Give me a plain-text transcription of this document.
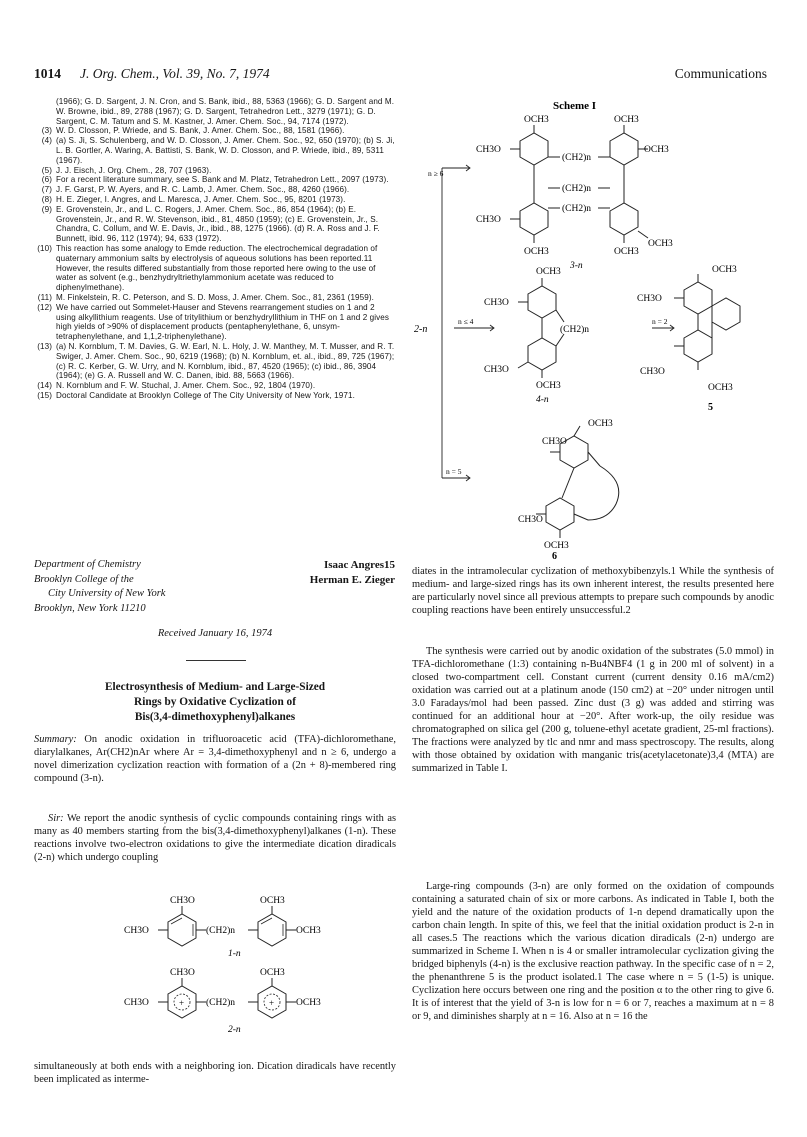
1014 J. Org. Chem., Vol. 39, No. 7, 1974	Communications
(1966); G. D. Sargent, J. N. Cron, and S. Bank, ibid., 88, 5363 (1966); G. D. Sargent and M. W. Browne, ibid., 89, 2788 (1967); G. D. Sargent, Tetrahedron Lett., 3279 (1971); G. D. Sargent, C. M. Tatum and S. M. Kastner, J. Amer. Chem. Soc., 94, 7174 (1972).
(3) W. D. Closson, P. Wriede, and S. Bank, J. Amer. Chem. Soc., 88, 1581 (1966).
(4) (a) S. Ji, S. Schulenberg, and W. D. Closson, J. Amer. Chem. Soc., 92, 650 (1970); (b) S. Ji, L. B. Gortler, A. Waring, A. Battisti, S. Bank, W. D. Closson, and P. Wriede, ibid., 89, 5311 (1967).
(5) J. J. Eisch, J. Org. Chem., 28, 707 (1963).
(6) For a recent literature summary, see S. Bank and M. Platz, Tetrahedron Lett., 2097 (1973).
(7) J. F. Garst, P. W. Ayers, and R. C. Lamb, J. Amer. Chem. Soc., 88, 4260 (1966).
(8) H. E. Zieger, I. Angres, and L. Maresca, J. Amer. Chem. Soc., 95, 8201 (1973).
(9) E. Grovenstein, Jr., and L. C. Rogers, J. Amer. Chem. Soc., 86, 854 (1964); (b) E. Grovenstein, Jr., and R. W. Stevenson, ibid., 81, 4850 (1959); (c) E. Grovenstein, Jr., S. Chandra, C. Collum, and W. E. Davis, Jr., ibid., 88, 1275 (1966). (d) R. A. Ross and J. F. Bunnett, ibid. 96, 112 (1974); 94, 633 (1972).
(10) This reaction has some analogy to Emde reduction. The electrochemical degradation of quaternary ammonium salts by electrolysis of aqueous solutions has been reported.11 However, the results differed substantially from those reported here owing to the use of water as solvent (e.g., benzhydryltriethylammonium acetate was reduced to diphenylmethane).
(11) M. Finkelstein, R. C. Peterson, and S. D. Moss, J. Amer. Chem. Soc., 81, 2361 (1959).
(12) We have carried out Sommelet-Hauser and Stevens rearrangement studies on 1 and 2 using alkyllithium reagents. Use of tritylithium or benzhydryllithium in THF on 1 and 2 gives high yields of >90% of displacement products (pentaphenylethane, 6, unsym-tetraphenylethane, and 1,1,2-triphenylethane).
(13) (a) N. Kornblum, T. M. Davies, G. W. Earl, N. L. Holy, J. W. Manthey, M. T. Musser, and R. T. Swiger, J. Amer. Chem. Soc., 90, 6219 (1968); (b) N. Kornblum, et. al., ibid., 89, 725 (1967); (c) R. C. Kerber, G. W. Urry, and N. Kornblum, ibid., 87, 4520 (1965); (c) ibid., 86, 3904 (1964); (e) G. A. Russell and W. C. Danen, ibid. 88, 5663 (1966).
(14) N. Kornblum and F. W. Stuchal, J. Amer. Chem. Soc., 92, 1804 (1970).
(15) Doctoral Candidate at Brooklyn College of The City University of New York, 1971.
Department of Chemistry
Brooklyn College of the
City University of New York
Brooklyn, New York 11210
Isaac Angres15
Herman E. Zieger
Received January 16, 1974
Electrosynthesis of Medium- and Large-Sized
Rings by Oxidative Cyclization of
Bis(3,4-dimethoxyphenyl)alkanes
Summary: On anodic oxidation in trifluoroacetic acid (TFA)-dichloromethane, diarylalkanes, Ar(CH2)nAr where Ar = 3,4-dimethoxyphenyl and n ≥ 6, undergo a novel dimerization cyclization reaction with formation of a (2n + 8)-membered ring compound (3-n).
Sir: We report the anodic synthesis of cyclic compounds containing rings with as many as 40 members starting from the bis(3,4-dimethoxyphenyl)alkanes (1-n). These reactions involve two-electron oxidations to give the intermediate dication diradicals (2-n) which undergo coupling
CH3O
CH3O	(CH2)n
OCH3
OCH3
1-n
+	+
CH3O
CH3O	(CH2)n
OCH3
OCH3
2-n
simultaneously at both ends with a neighboring ion. Dication diradicals have recently been implicated as interme-
Scheme I
OCH3	OCH3
CH3O	OCH3
(CH2)n
(CH2)n
(CH2)n
CH3O
OCH3
OCH3	OCH3
3-n
n ≥ 6
2-n
n ≤ 4	n = 2
n = 5
OCH3
CH3O
(CH2)n
CH3O
OCH3
4-n
OCH3
CH3O
CH3O
OCH3
5
OCH3
CH3O
CH3O
OCH3
6
diates in the intramolecular cyclization of methoxybibenzyls.1 While the synthesis of medium- and large-sized rings has its own inherent interest, the results presented here are particularly novel since all previous attempts to prepare such compounds by anodic coupling reactions have been entirely unsuccessful.2
The synthesis were carried out by anodic oxidation of the substrates (5.0 mmol) in TFA-dichloromethane (1:3) containing n-Bu4NBF4 (1 g in 200 ml of solvent) in a closed two-compartment cell. Constant current (current density 0.16 mA/cm2) oxidation was carried out at a platinum anode (150 cm2) at −20° under nitrogen until 3.0 Faradays/mol had been passed. Zinc dust (3 g) was added and stirring was continued for an additional hour at −20°. After work-up, the oily residue was chromatographed on silica gel (200 g, toluene-ethyl acetate gradient, 25-ml fractions). The fractions were analyzed by tlc and nmr and mass spectroscopy. The results, along with those obtained by oxidation with manganic tris(acetylacetonate)3,4 (MTA) are summarized in Table I.
Large-ring compounds (3-n) are only formed on the oxidation of compounds containing a saturated chain of six or more carbons. As indicated in Table I, both the yield and the nature of the oxidation products of 1-n depend dramatically upon the carbon chain length. In spite of this, we feel that the initial oxidation product is 2-n in all cases.5 The reactions which the various dication diradicals (2-n) undergo are summarized in Scheme I. When n is 4 or smaller intramolecular cyclization giving the bridged biphenyls (4-n) is the exclusive reaction pathway. In the specific case of n = 2, the phenanthrene 5 is the product isolated.1 The case where n = 5 (1-5) is unique. Cyclization here occurs between one ring and the position α to the other ring to give 6. It is of interest that the yield of 3-n is low for n = 6 or 7, reaches a maximum at n = 8 or 9, and diminishes sharply at n = 16. Also at n = 16 the
